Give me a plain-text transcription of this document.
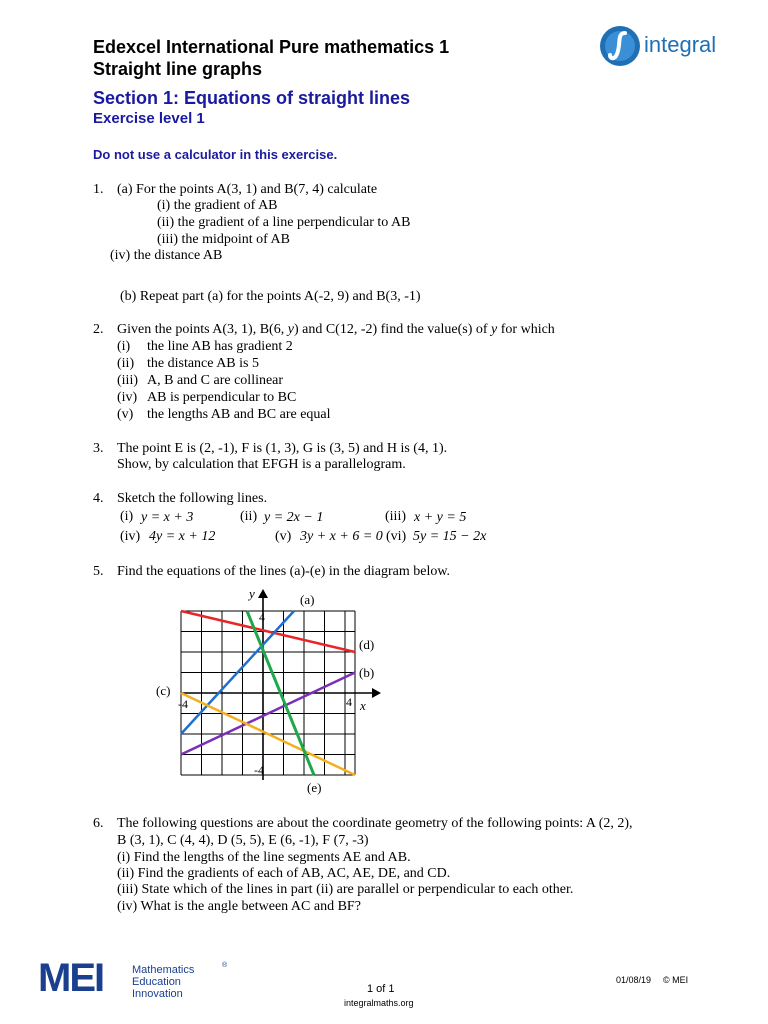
Edexcel International Pure mathematics 1
Straight line graphs
Section 1: Equations of straight lines
Exercise level 1
Do not use a calculator in this exercise.
integral
1. (a) For the points A(3, 1) and B(7, 4) calculate
(i) the gradient of AB
(ii) the gradient of a line perpendicular to AB
(iii) the midpoint of AB
(iv) the distance AB
(b) Repeat part (a) for the points A(-2, 9) and B(3, -1)
2. Given the points A(3, 1), B(6, y) and C(12, -2) find the value(s) of y for which
(i) the line AB has gradient 2
(ii) the distance AB is 5
(iii) A, B and C are collinear
(iv) AB is perpendicular to BC
(v) the lengths AB and BC are equal
3. The point E is (2, -1), F is (1, 3), G is (3, 5) and H is (4, 1).
Show, by calculation that EFGH is a parallelogram.
4. Sketch the following lines.
(i) y = x + 3	(ii) y = 2x − 1	(iii) x + y = 5
(iv) 4y = x + 12	(v) 3y + x + 6 = 0 (vi) 5y = 15 − 2x
5. Find the equations of the lines (a)-(e) in the diagram below.
y
x
4
-4	4
-4
(a)
(b)
(c)
(d)
(e)
6. The following questions are about the coordinate geometry of the following points: A (2, 2),
B (3, 1), C (4, 4), D (5, 5), E (6, -1), F (7, -3)
(i) Find the lengths of the line segments AE and AB.
(ii) Find the gradients of each of AB, AC, AE, DE, and CD.
(iii) State which of the lines in part (ii) are parallel or perpendicular to each other.
(iv) What is the angle between AC and BF?
MEI	Mathematics	®
Education
Innovation	1 of 1
integralmaths.org
01/08/19 © MEI
